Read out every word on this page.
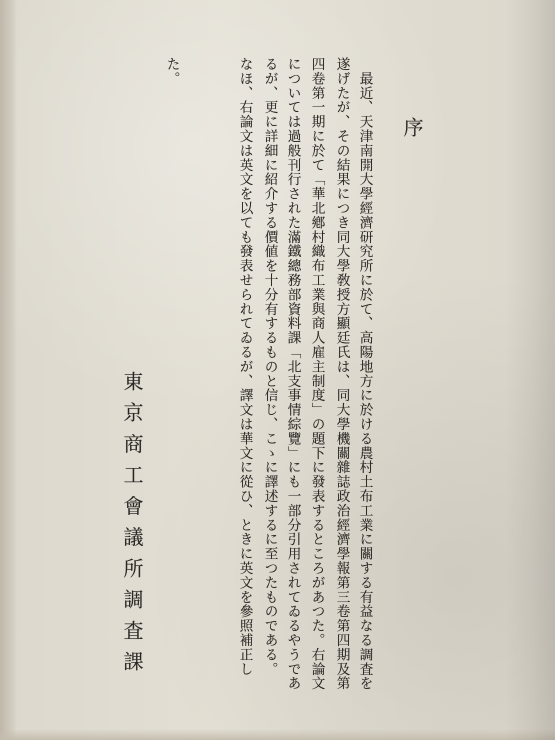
序
　最近、天津南開大學經濟研究所に於て、高陽地方に於ける農村土布工業に關する有益なる調査を
遂げたが、その結果につき同大學敎授方顯廷氏は、同大學機關雜誌政治經濟學報第三卷第四期及第
四卷第一期に於て「華北鄕村織布工業與商人雇主制度」の題下に發表するところがあつた。右論文
については過般刊行された滿鐵總務部資料課「北支事情綜覽」にも一部分引用されてゐるやうであ
るが、更に詳細に紹介する價値を十分有するものと信じ、こゝに譯述するに至つたものである。
なほ、右論文は英文を以ても發表せられてゐるが、譯文は華文に從ひ、ときに英文を參照補正し
た。
東京商工會議所調査課
